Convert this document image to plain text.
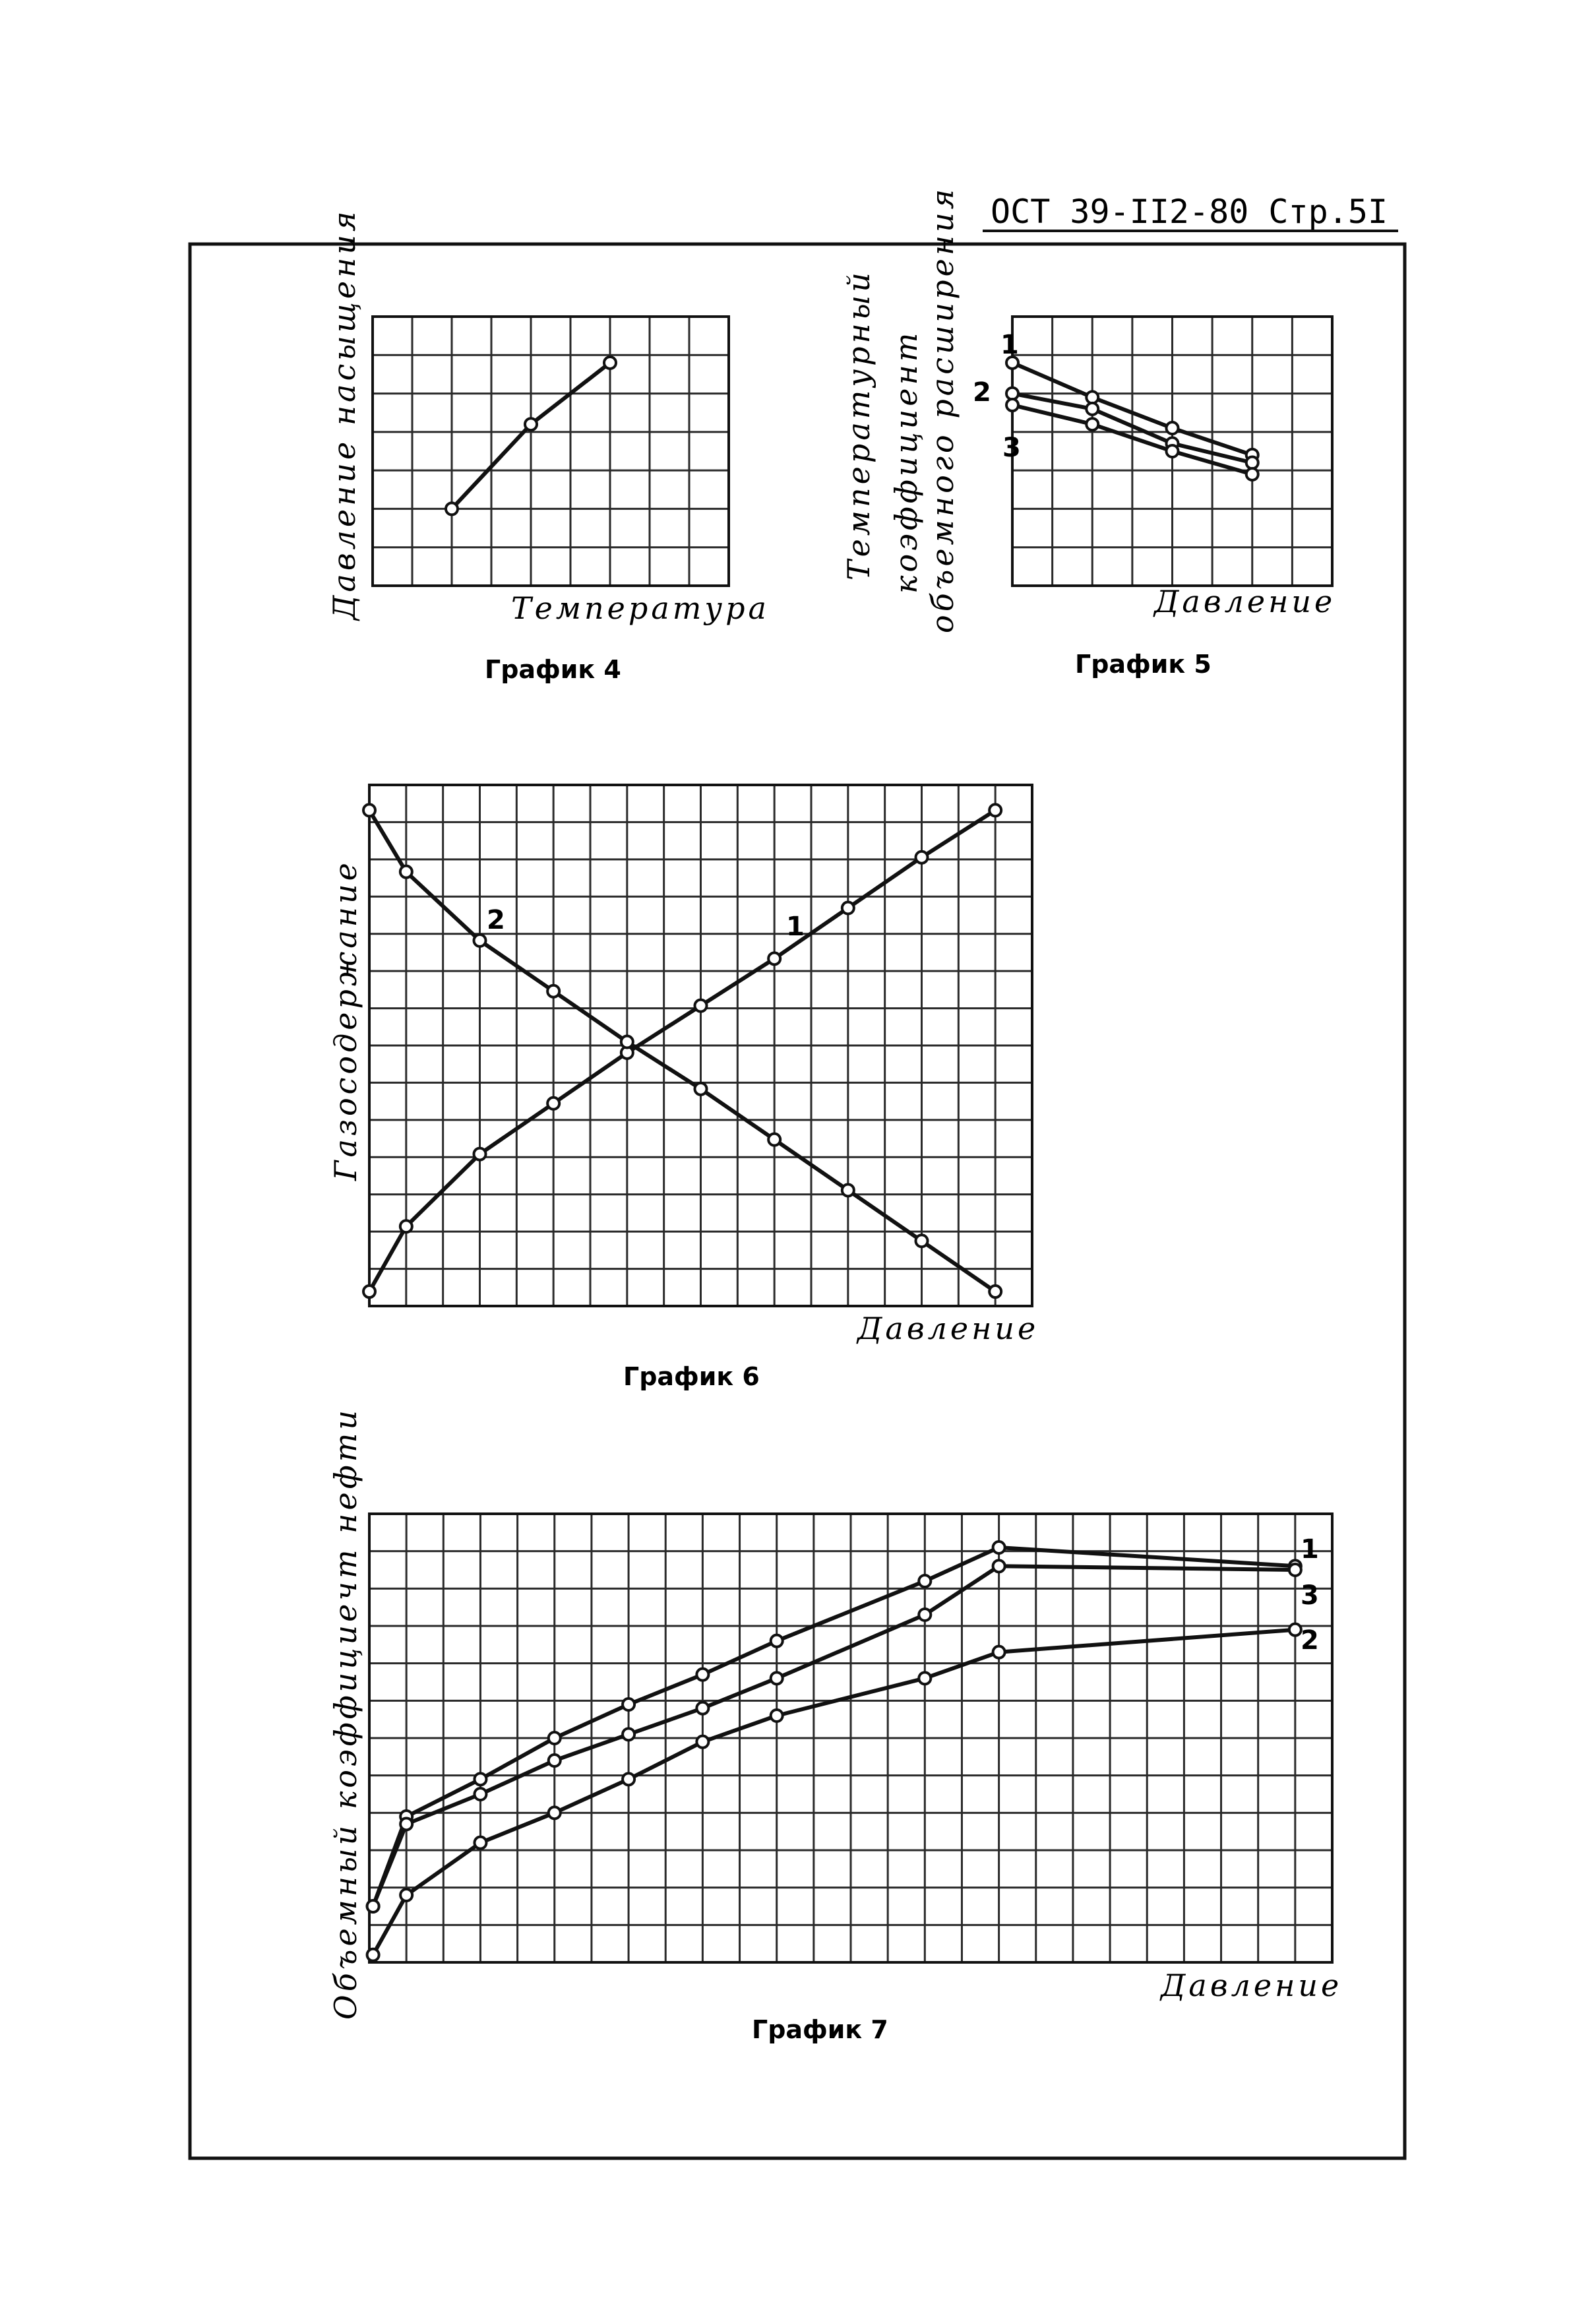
ОСТ 39-II2-80 Стр.5I
Температура
Давление насыщения
График 4
1
2
3
Давление
Температурный коэффициент объемного расширения
График 5
1
2
Давление
Газосодержание
График 6
1
3
2
Давление
Объемный коэффициечт нефти
График 7
